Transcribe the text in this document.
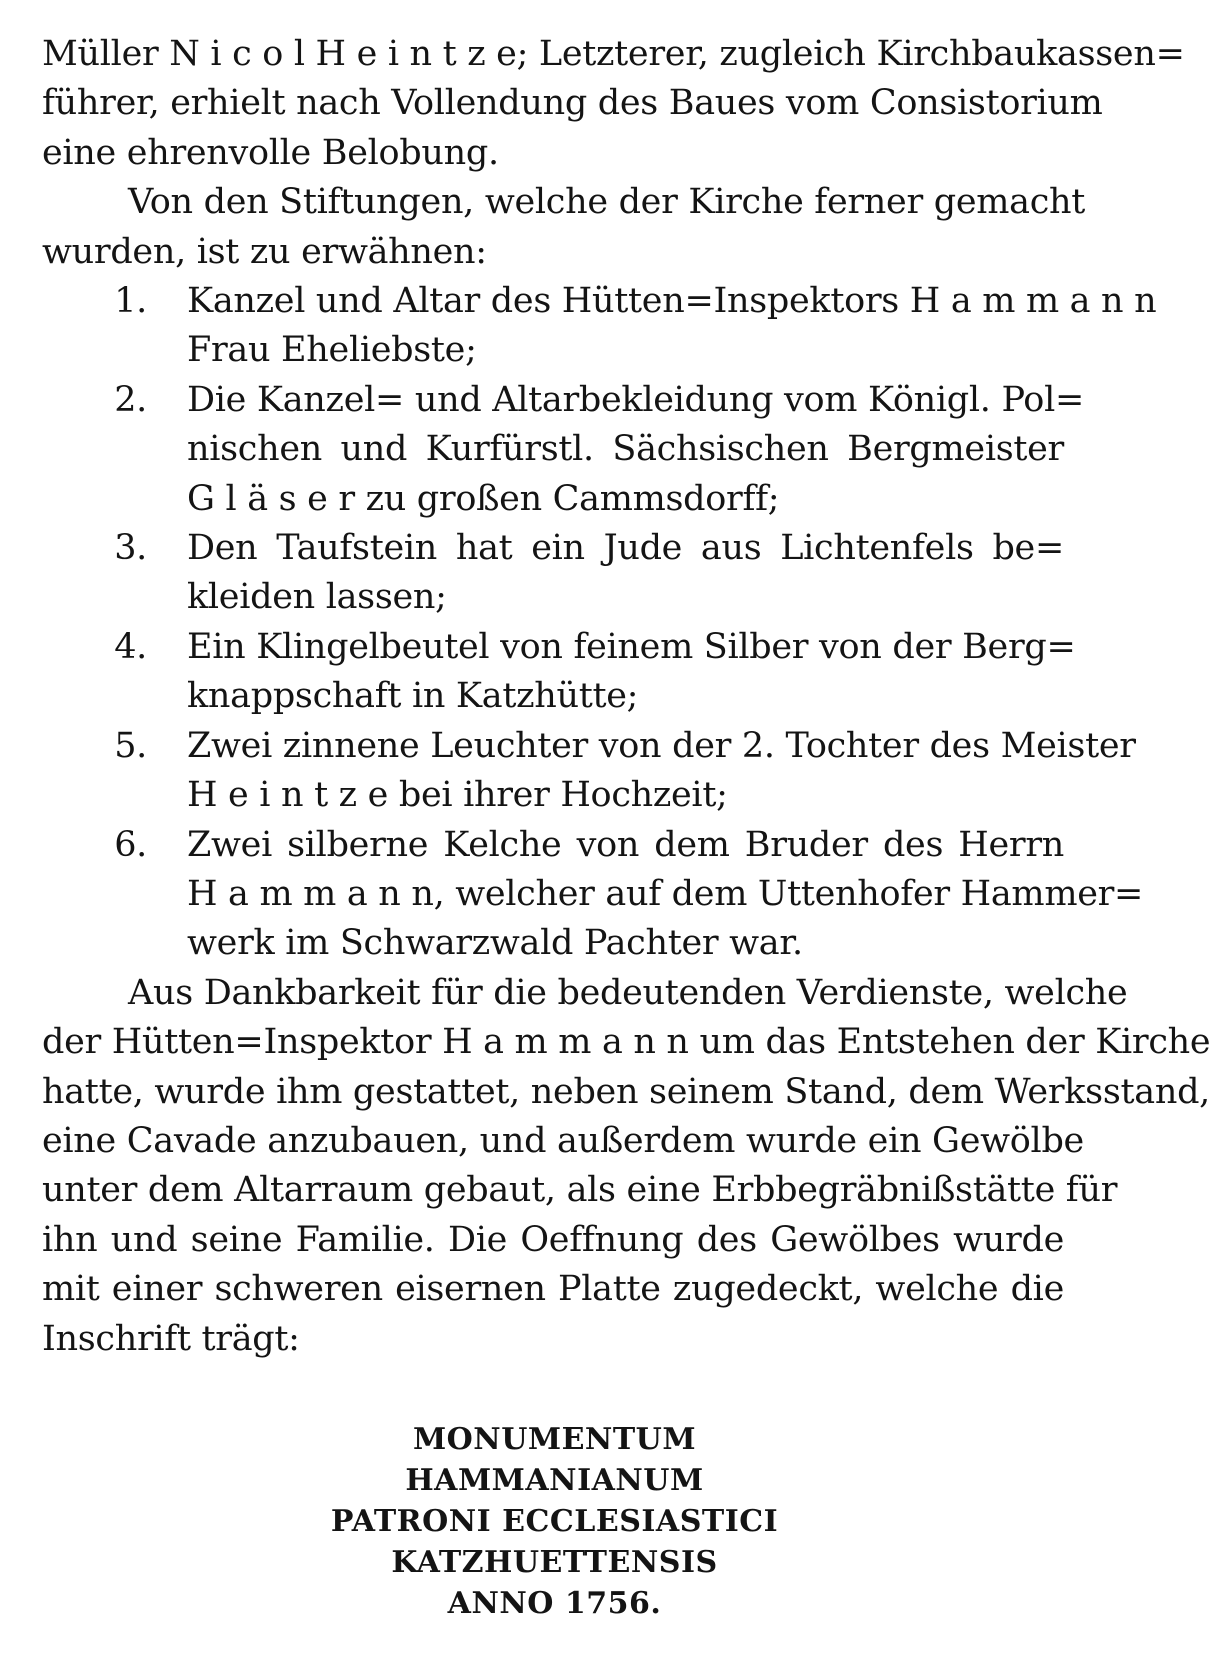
Müller N i c o l H e i n t z e; Letzterer, zugleich Kirchbaukassen=
führer, erhielt nach Vollendung des Baues vom Consistorium
eine ehrenvolle Belobung.
Von den Stiftungen, welche der Kirche ferner gemacht
wurden, ist zu erwähnen:
1.	Kanzel und Altar des Hütten=Inspektors H a m m a n n
Frau Eheliebste;
2.	Die Kanzel= und Altarbekleidung vom Königl. Pol=
nischen und Kurfürstl. Sächsischen Bergmeister
G l ä s e r zu großen Cammsdorff;
3.	Den Taufstein hat ein Jude aus Lichtenfels be=
kleiden lassen;
4.	Ein Klingelbeutel von feinem Silber von der Berg=
knappschaft in Katzhütte;
5.	Zwei zinnene Leuchter von der 2. Tochter des Meister
H e i n t z e bei ihrer Hochzeit;
6.	Zwei silberne Kelche von dem Bruder des Herrn
H a m m a n n, welcher auf dem Uttenhofer Hammer=
werk im Schwarzwald Pachter war.
Aus Dankbarkeit für die bedeutenden Verdienste, welche
der Hütten=Inspektor H a m m a n n um das Entstehen der Kirche
hatte, wurde ihm gestattet, neben seinem Stand, dem Werksstand,
eine Cavade anzubauen, und außerdem wurde ein Gewölbe
unter dem Altarraum gebaut, als eine Erbbegräbnißstätte für
ihn und seine Familie. Die Oeffnung des Gewölbes wurde
mit einer schweren eisernen Platte zugedeckt, welche die
Inschrift trägt:
MONUMENTUM
HAMMANIANUM
PATRONI ECCLESIASTICI
KATZHUETTENSIS
ANNO 1756.
